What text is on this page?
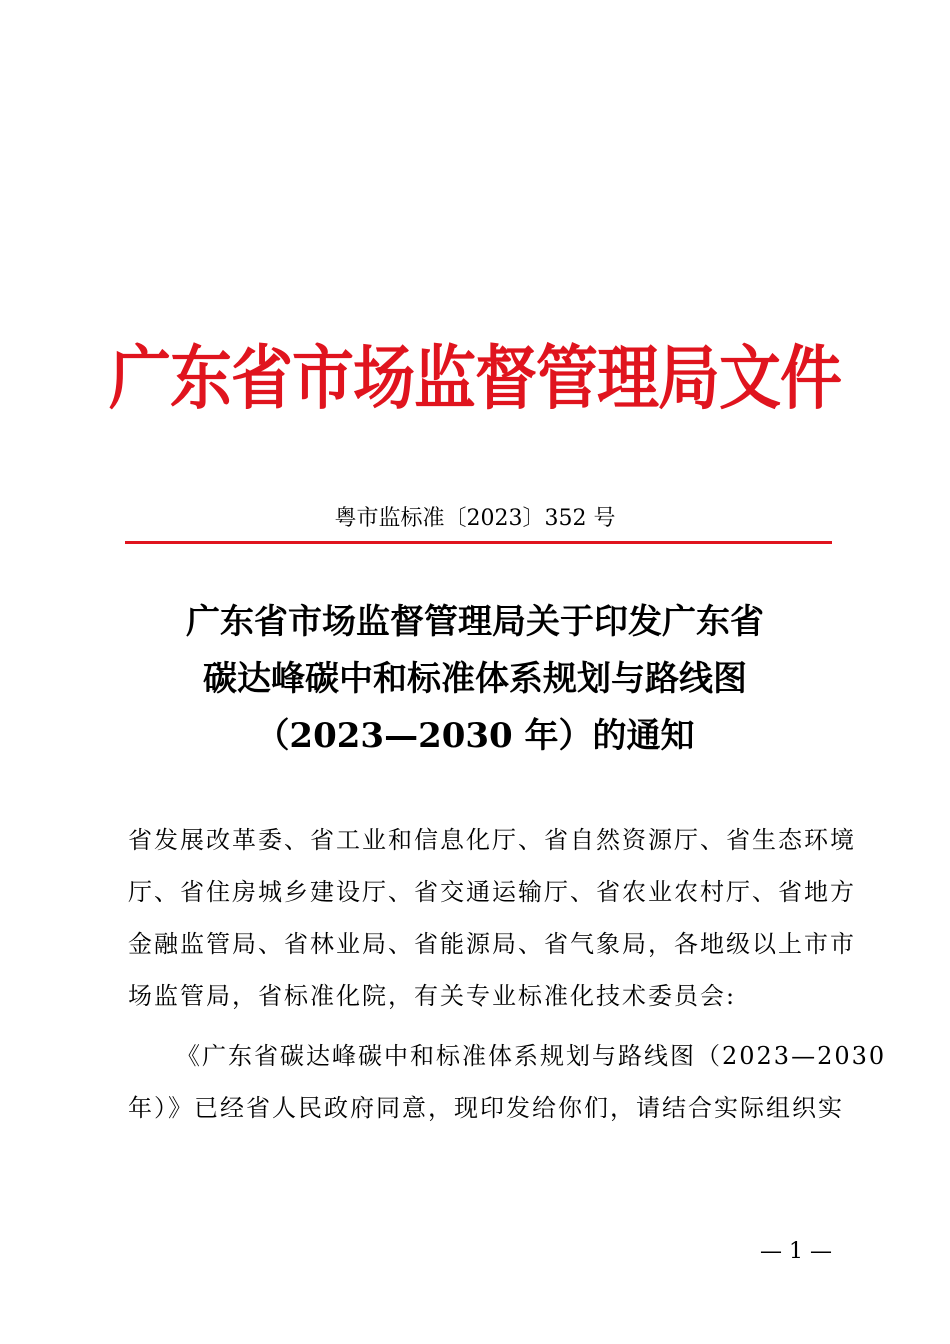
广东省市场监督管理局文件
粤市监标准〔2023〕352 号
广东省市场监督管理局关于印发广东省
碳达峰碳中和标准体系规划与路线图
（2023—2030 年）的通知
省发展改革委、省工业和信息化厅、省自然资源厅、省生态环境
厅、省住房城乡建设厅、省交通运输厅、省农业农村厅、省地方
金融监管局、省林业局、省能源局、省气象局，各地级以上市市
场监管局，省标准化院，有关专业标准化技术委员会:
《广东省碳达峰碳中和标准体系规划与路线图（2023—2030
年）》已经省人民政府同意，现印发给你们，请结合实际组织实
— 1 —
